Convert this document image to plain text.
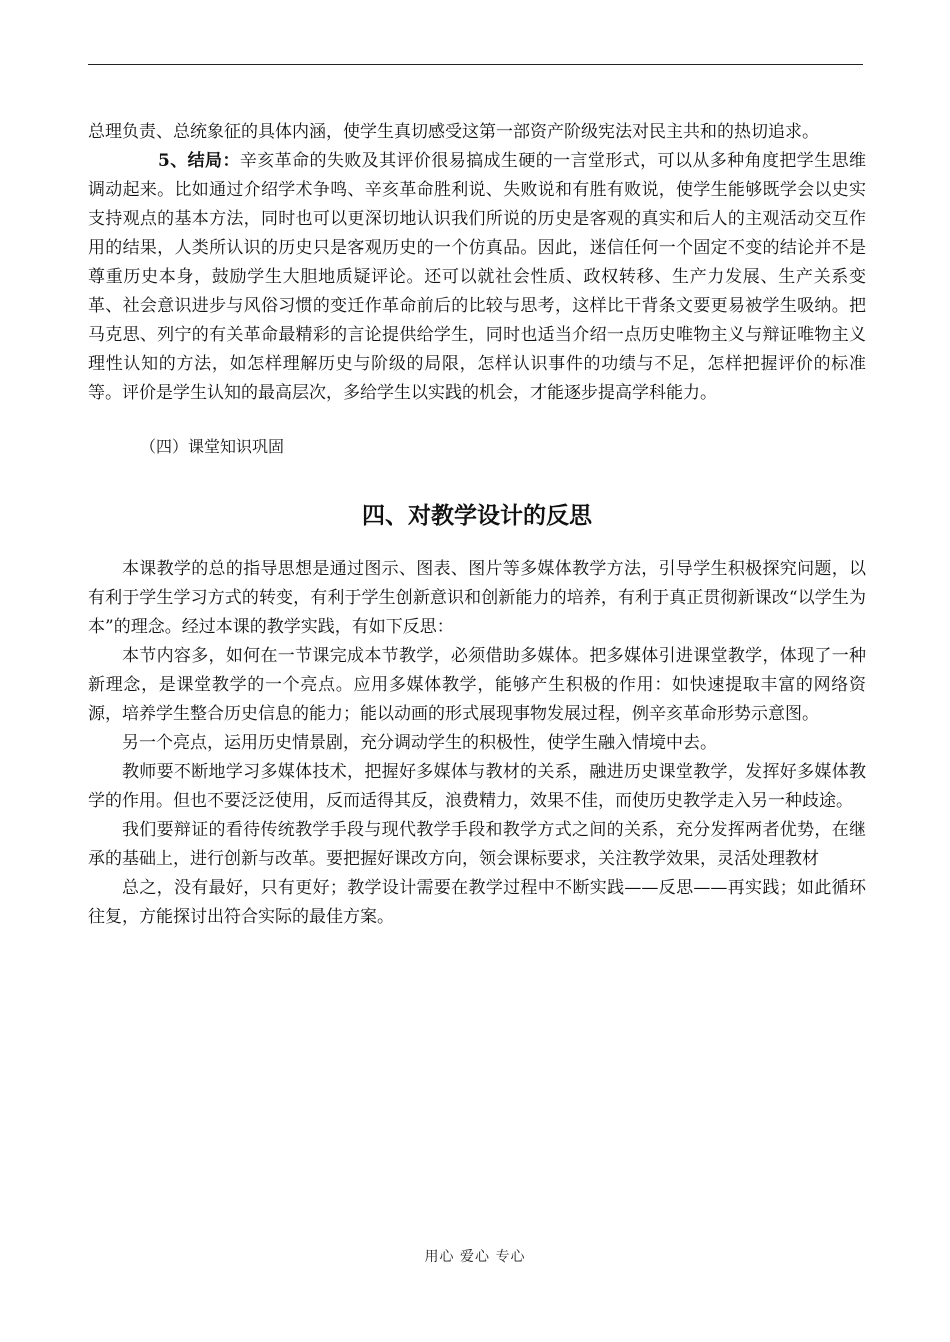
总理负责、总统象征的具体内涵，使学生真切感受这第一部资产阶级宪法对民主共和的热切追求。

5、结局：辛亥革命的失败及其评价很易搞成生硬的一言堂形式，可以从多种角度把学生思维调动起来。比如通过介绍学术争鸣、辛亥革命胜利说、失败说和有胜有败说，使学生能够既学会以史实支持观点的基本方法，同时也可以更深切地认识我们所说的历史是客观的真实和后人的主观活动交互作用的结果，人类所认识的历史只是客观历史的一个仿真品。因此，迷信任何一个固定不变的结论并不是尊重历史本身，鼓励学生大胆地质疑评论。还可以就社会性质、政权转移、生产力发展、生产关系变革、社会意识进步与风俗习惯的变迁作革命前后的比较与思考，这样比干背条文要更易被学生吸纳。把马克思、列宁的有关革命最精彩的言论提供给学生，同时也适当介绍一点历史唯物主义与辩证唯物主义理性认知的方法，如怎样理解历史与阶级的局限，怎样认识事件的功绩与不足，怎样把握评价的标准等。评价是学生认知的最高层次，多给学生以实践的机会，才能逐步提高学科能力。

（四）课堂知识巩固

四、对教学设计的反思

本课教学的总的指导思想是通过图示、图表、图片等多媒体教学方法，引导学生积极探究问题，以有利于学生学习方式的转变，有利于学生创新意识和创新能力的培养，有利于真正贯彻新课改“以学生为本”的理念。经过本课的教学实践，有如下反思：

本节内容多，如何在一节课完成本节教学，必须借助多媒体。把多媒体引进课堂教学，体现了一种新理念，是课堂教学的一个亮点。应用多媒体教学，能够产生积极的作用：如快速提取丰富的网络资源，培养学生整合历史信息的能力；能以动画的形式展现事物发展过程，例辛亥革命形势示意图。

另一个亮点，运用历史情景剧，充分调动学生的积极性，使学生融入情境中去。

教师要不断地学习多媒体技术，把握好多媒体与教材的关系，融进历史课堂教学，发挥好多媒体教学的作用。但也不要泛泛使用，反而适得其反，浪费精力，效果不佳，而使历史教学走入另一种歧途。

我们要辩证的看待传统教学手段与现代教学手段和教学方式之间的关系，充分发挥两者优势，在继承的基础上，进行创新与改革。要把握好课改方向，领会课标要求，关注教学效果，灵活处理教材

总之，没有最好，只有更好；教学设计需要在教学过程中不断实践——反思——再实践；如此循环往复，方能探讨出符合实际的最佳方案。

用心 爱心 专心
